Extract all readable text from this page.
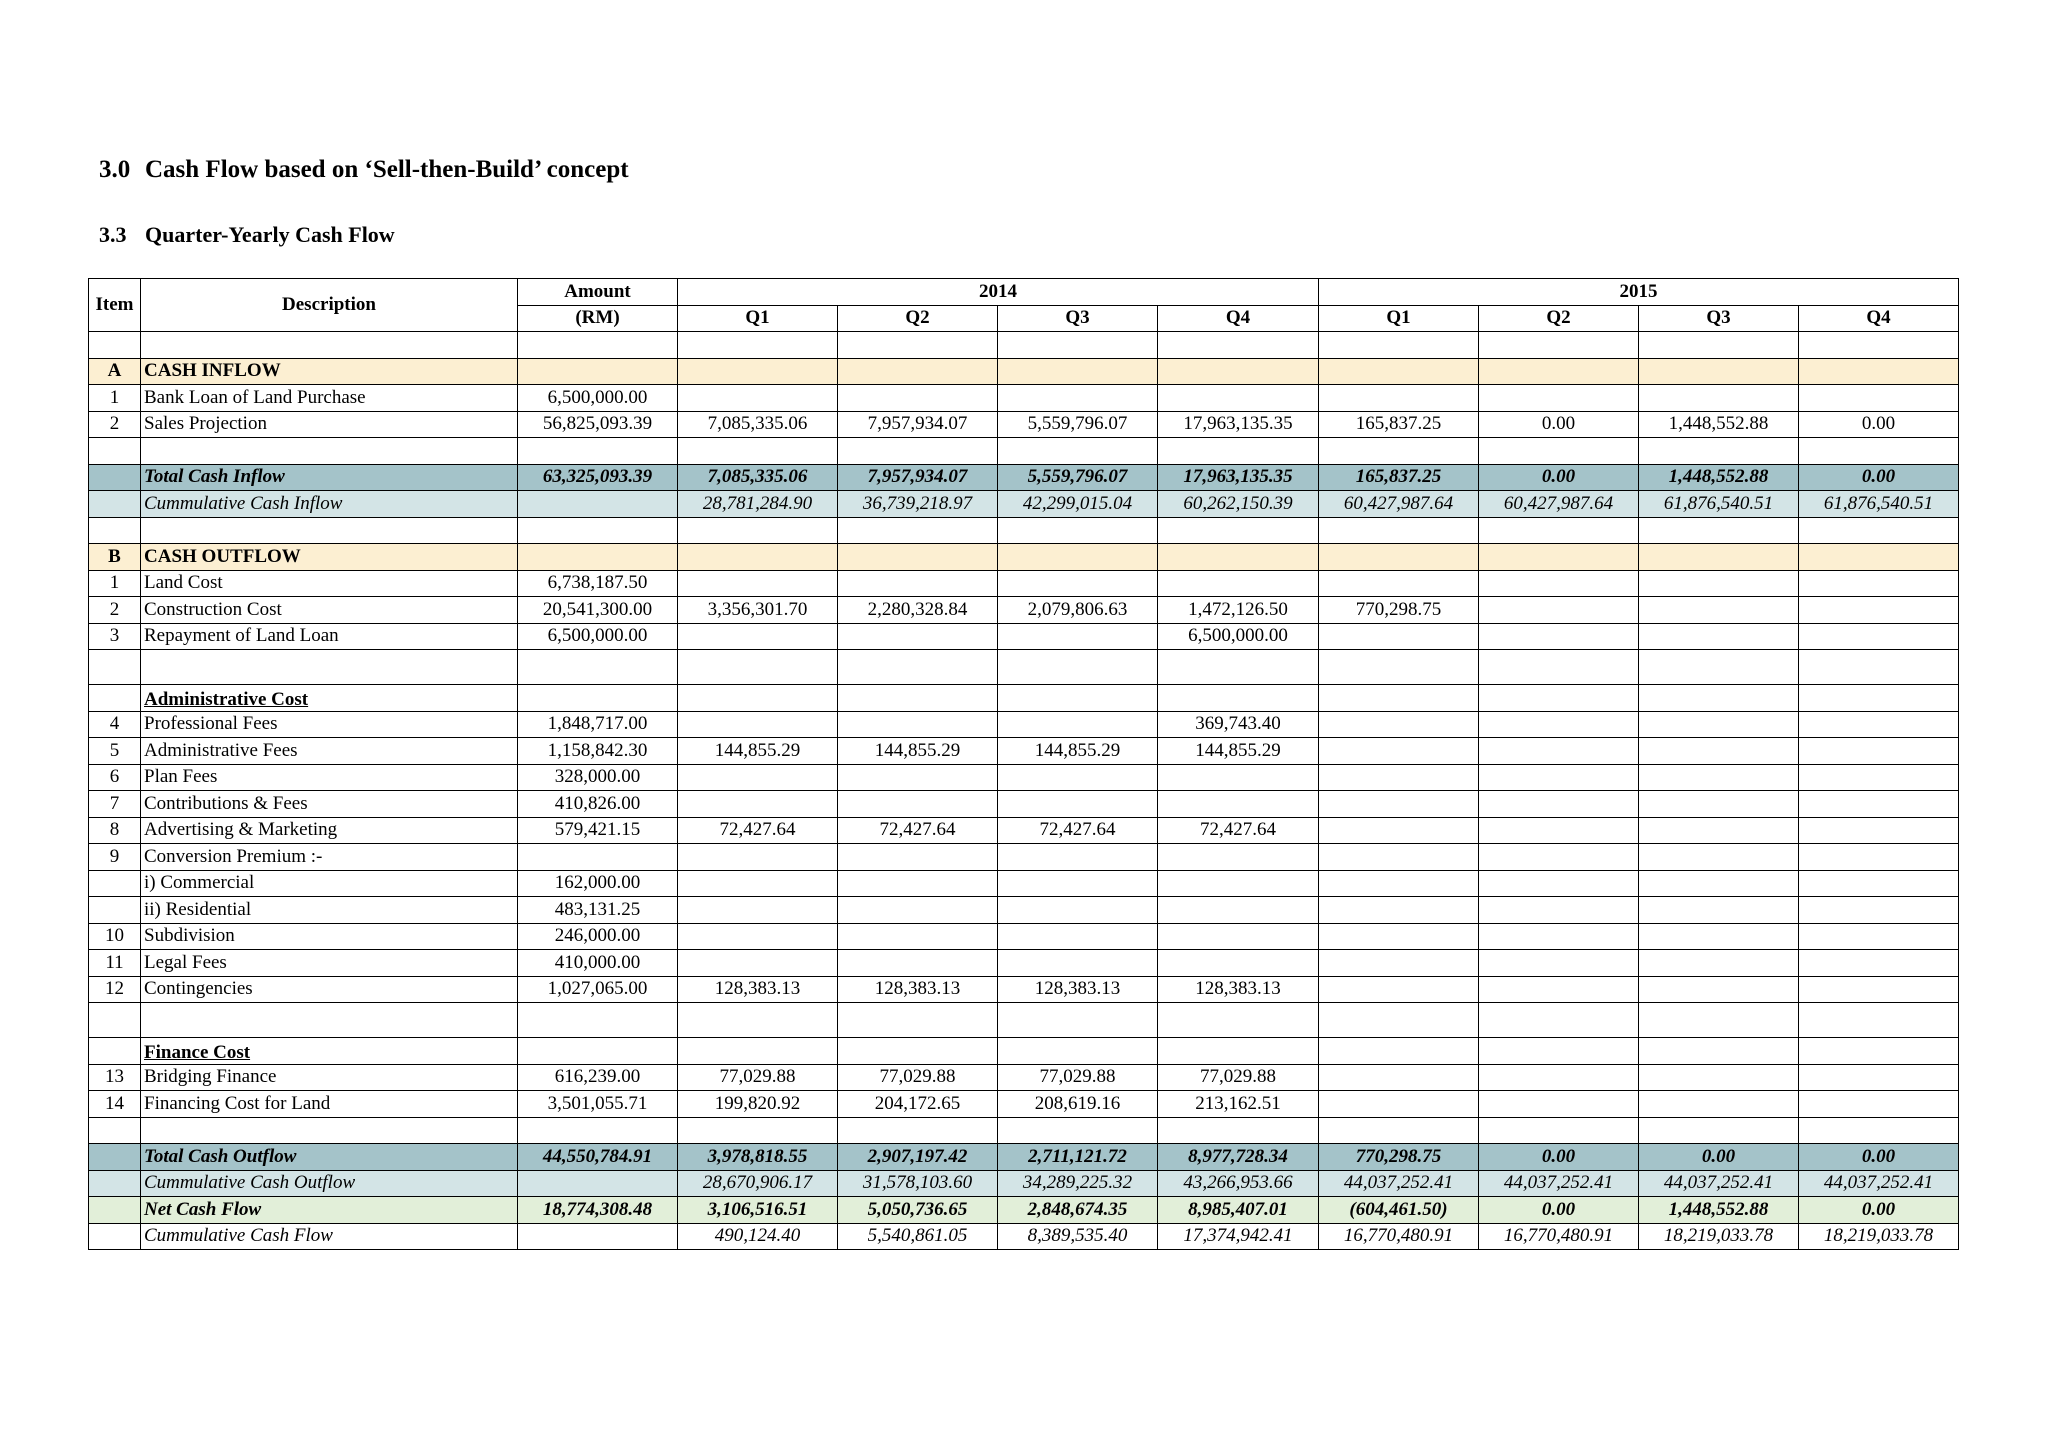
3.0 Cash Flow based on ‘Sell-then-Build’ concept
3.3 Quarter-Yearly Cash Flow
Item	Description	Amount	2014				2015			
		(RM)	Q1	Q2	Q3	Q4	Q1	Q2	Q3	Q4

A	CASH INFLOW									
1	Bank Loan of Land Purchase	6,500,000.00								
2	Sales Projection	56,825,093.39	7,085,335.06	7,957,934.07	5,559,796.07	17,963,135.35	165,837.25	0.00	1,448,552.88	0.00

	Total Cash Inflow	63,325,093.39	7,085,335.06	7,957,934.07	5,559,796.07	17,963,135.35	165,837.25	0.00	1,448,552.88	0.00
	Cummulative Cash Inflow		28,781,284.90	36,739,218.97	42,299,015.04	60,262,150.39	60,427,987.64	60,427,987.64	61,876,540.51	61,876,540.51

B	CASH OUTFLOW									
1	Land Cost	6,738,187.50								
2	Construction Cost	20,541,300.00	3,356,301.70	2,280,328.84	2,079,806.63	1,472,126.50	770,298.75			
3	Repayment of Land Loan	6,500,000.00				6,500,000.00				

	Administrative Cost									
4	Professional Fees	1,848,717.00				369,743.40				
5	Administrative Fees	1,158,842.30	144,855.29	144,855.29	144,855.29	144,855.29				
6	Plan Fees	328,000.00								
7	Contributions & Fees	410,826.00								
8	Advertising & Marketing	579,421.15	72,427.64	72,427.64	72,427.64	72,427.64				
9	Conversion Premium :-									
	i) Commercial	162,000.00								
	ii) Residential	483,131.25								
10	Subdivision	246,000.00								
11	Legal Fees	410,000.00								
12	Contingencies	1,027,065.00	128,383.13	128,383.13	128,383.13	128,383.13				

	Finance Cost									
13	Bridging Finance	616,239.00	77,029.88	77,029.88	77,029.88	77,029.88				
14	Financing Cost for Land	3,501,055.71	199,820.92	204,172.65	208,619.16	213,162.51				

	Total Cash Outflow	44,550,784.91	3,978,818.55	2,907,197.42	2,711,121.72	8,977,728.34	770,298.75	0.00	0.00	0.00
	Cummulative Cash Outflow		28,670,906.17	31,578,103.60	34,289,225.32	43,266,953.66	44,037,252.41	44,037,252.41	44,037,252.41	44,037,252.41
	Net Cash Flow	18,774,308.48	3,106,516.51	5,050,736.65	2,848,674.35	8,985,407.01	(604,461.50)	0.00	1,448,552.88	0.00
	Cummulative Cash Flow		490,124.40	5,540,861.05	8,389,535.40	17,374,942.41	16,770,480.91	16,770,480.91	18,219,033.78	18,219,033.78
